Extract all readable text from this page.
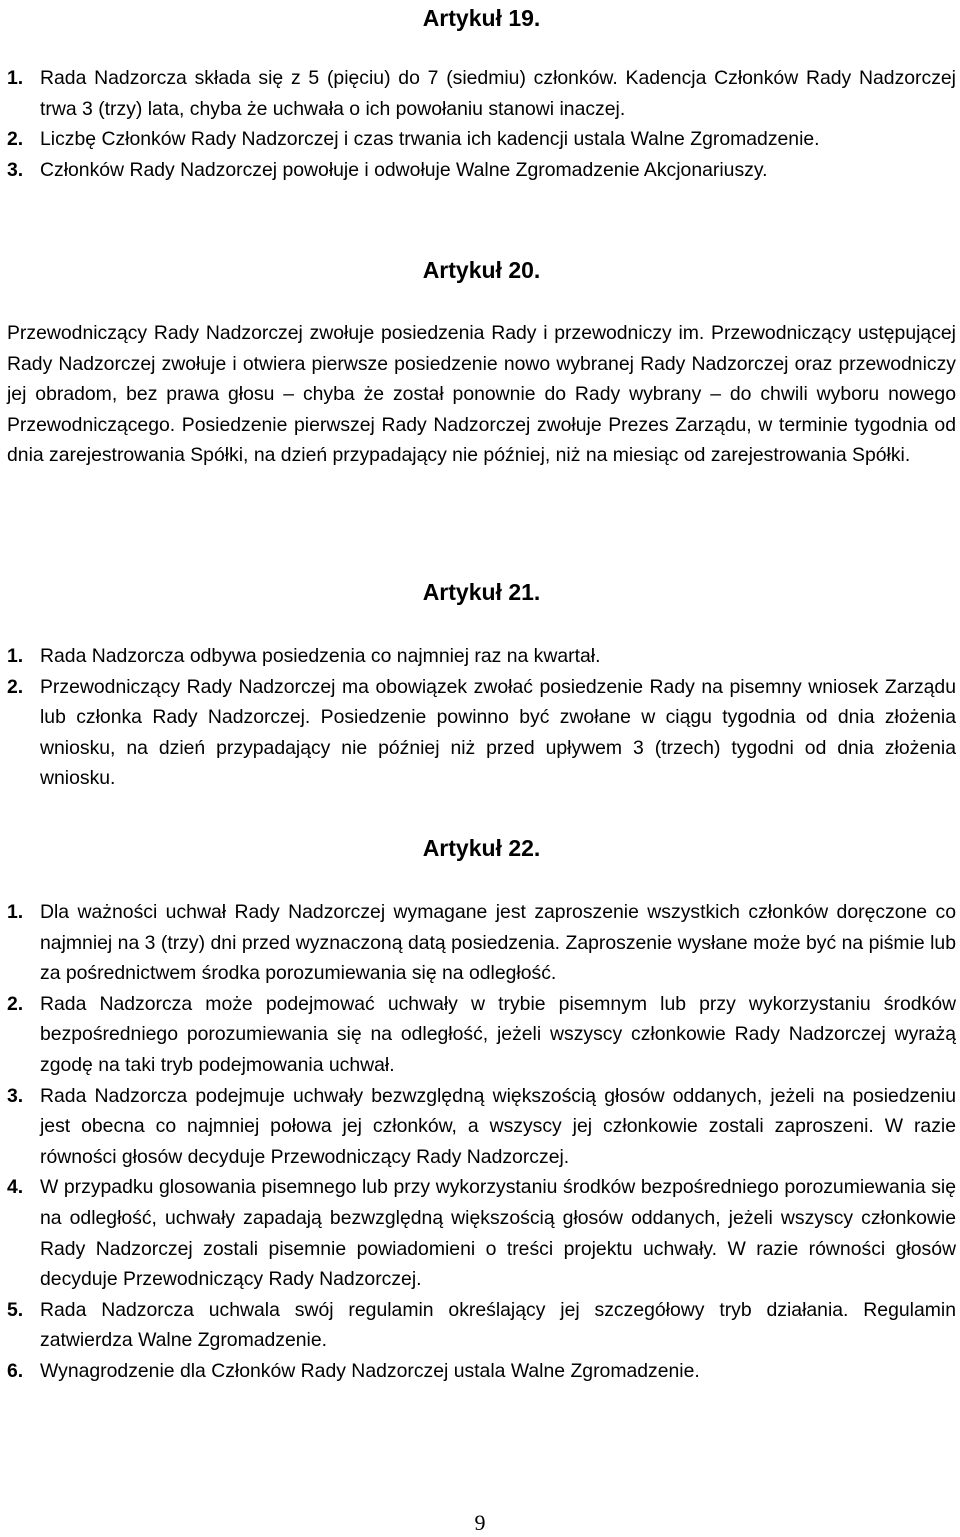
Artykuł 19.
1. Rada Nadzorcza składa się z 5 (pięciu) do 7 (siedmiu) członków. Kadencja Członków Rady Nadzorczej trwa 3 (trzy) lata, chyba że uchwała o ich powołaniu stanowi inaczej.
2. Liczbę Członków Rady Nadzorczej i czas trwania ich kadencji ustala Walne Zgromadzenie.
3. Członków Rady Nadzorczej powołuje i odwołuje Walne Zgromadzenie Akcjonariuszy.
Artykuł 20.

Przewodniczący Rady Nadzorczej zwołuje posiedzenia Rady i przewodniczy im. Przewodniczący ustępującej Rady Nadzorczej zwołuje i otwiera pierwsze posiedzenie nowo wybranej Rady Nadzorczej oraz przewodniczy jej obradom, bez prawa głosu – chyba że został ponownie do Rady wybrany – do chwili wyboru nowego Przewodniczącego. Posiedzenie pierwszej Rady Nadzorczej zwołuje Prezes Zarządu, w terminie tygodnia od dnia zarejestrowania Spółki, na dzień przypadający nie później, niż na miesiąc od zarejestrowania Spółki.

Artykuł 21.
1. Rada Nadzorcza odbywa posiedzenia co najmniej raz na kwartał.
2. Przewodniczący Rady Nadzorczej ma obowiązek zwołać posiedzenie Rady na pisemny wniosek Zarządu lub członka Rady Nadzorczej. Posiedzenie powinno być zwołane w ciągu tygodnia od dnia złożenia wniosku, na dzień przypadający nie później niż przed upływem 3 (trzech) tygodni od dnia złożenia wniosku.
Artykuł 22.
1. Dla ważności uchwał Rady Nadzorczej wymagane jest zaproszenie wszystkich członków doręczone co najmniej na 3 (trzy) dni przed wyznaczoną datą posiedzenia. Zaproszenie wysłane może być na piśmie lub za pośrednictwem środka porozumiewania się na odległość.
2. Rada Nadzorcza może podejmować uchwały w trybie pisemnym lub przy wykorzystaniu środków bezpośredniego porozumiewania się na odległość, jeżeli wszyscy członkowie Rady Nadzorczej wyrażą zgodę na taki tryb podejmowania uchwał.
3. Rada Nadzorcza podejmuje uchwały bezwzględną większością głosów oddanych, jeżeli na posiedzeniu jest obecna co najmniej połowa jej członków, a wszyscy jej członkowie zostali zaproszeni. W razie równości głosów decyduje Przewodniczący Rady Nadzorczej.
4. W przypadku glosowania pisemnego lub przy wykorzystaniu środków bezpośredniego porozumiewania się na odległość, uchwały zapadają bezwzględną większością głosów oddanych, jeżeli wszyscy członkowie Rady Nadzorczej zostali pisemnie powiadomieni o treści projektu uchwały. W razie równości głosów decyduje Przewodniczący Rady Nadzorczej.
5. Rada Nadzorcza uchwala swój regulamin określający jej szczegółowy tryb działania. Regulamin zatwierdza Walne Zgromadzenie.
6. Wynagrodzenie dla Członków Rady Nadzorczej ustala Walne Zgromadzenie.
9
